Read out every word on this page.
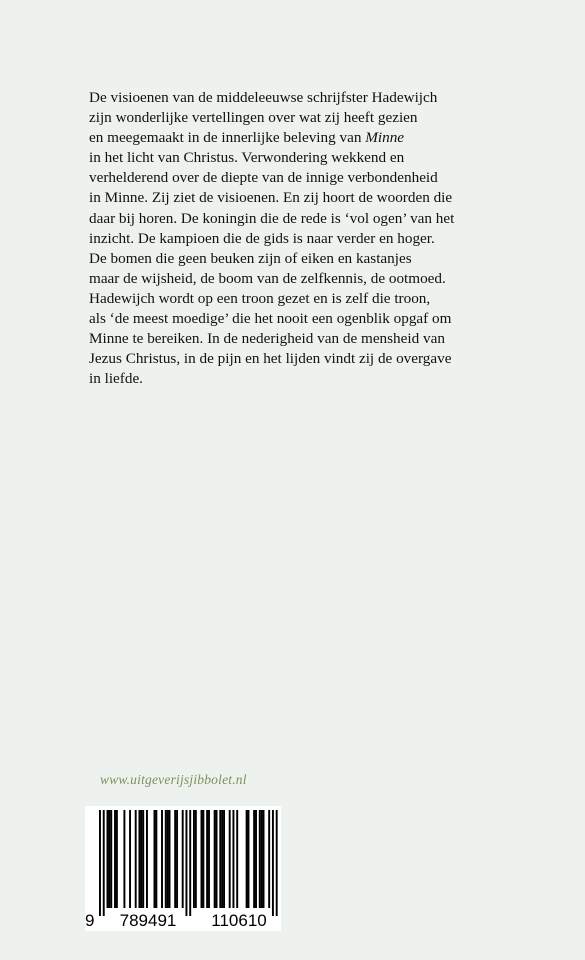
De visioenen van de middeleeuwse schrijfster Hadewijch
zijn wonderlijke vertellingen over wat zij heeft gezien
en meegemaakt in de innerlijke beleving van Minne
in het licht van Christus. Verwondering wekkend en
verhelderend over de diepte van de innige verbondenheid
in Minne. Zij ziet de visioenen. En zij hoort de woorden die
daar bij horen. De koningin die de rede is ‘vol ogen’ van het
inzicht. De kampioen die de gids is naar verder en hoger.
De bomen die geen beuken zijn of eiken en kastanjes
maar de wijsheid, de boom van de zelfkennis, de ootmoed.
Hadewijch wordt op een troon gezet en is zelf die troon,
als ‘de meest moedige’ die het nooit een ogenblik opgaf om
Minne te bereiken. In de nederigheid van de mensheid van
Jezus Christus, in de pijn en het lijden vindt zij de overgave
in liefde.
www.uitgeverijsjibbolet.nl
9	789491	110610
